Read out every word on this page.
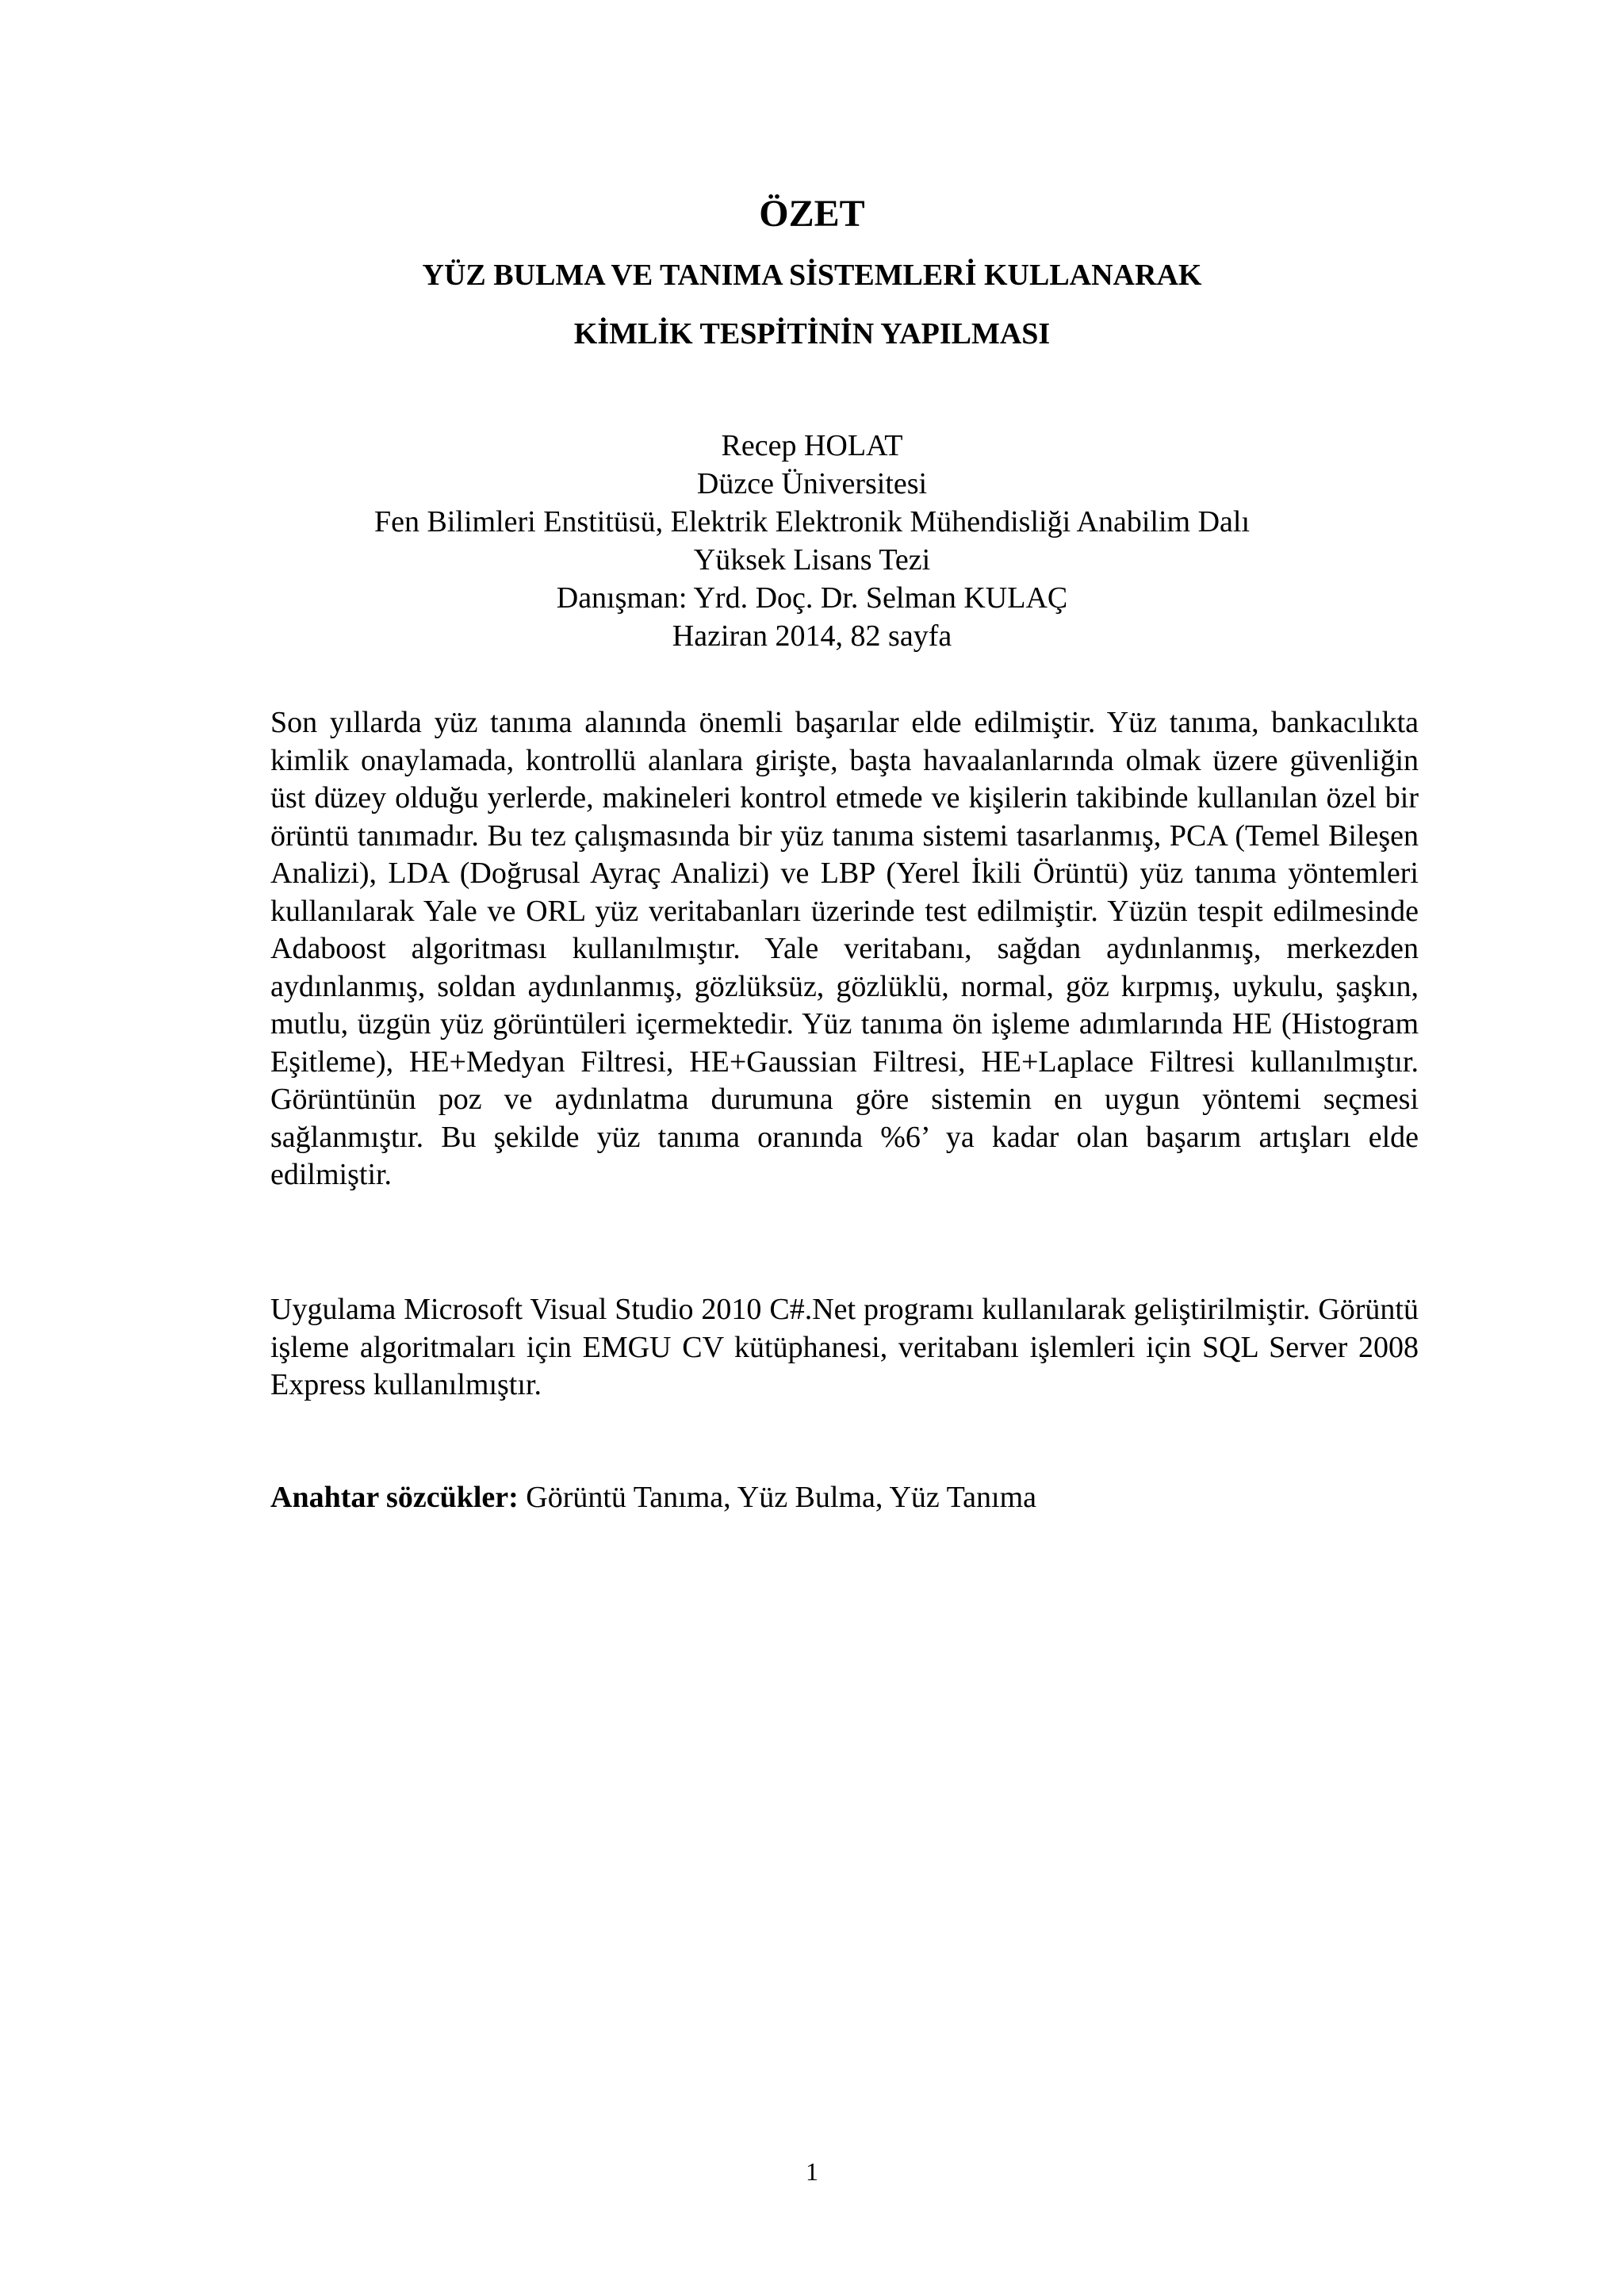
ÖZET
YÜZ BULMA VE TANIMA SİSTEMLERİ KULLANARAK
KİMLİK TESPİTİNİN YAPILMASI
Recep HOLAT
Düzce Üniversitesi
Fen Bilimleri Enstitüsü, Elektrik Elektronik Mühendisliği Anabilim Dalı
Yüksek Lisans Tezi
Danışman: Yrd. Doç. Dr. Selman KULAÇ
Haziran 2014, 82 sayfa

Son yıllarda yüz tanıma alanında önemli başarılar elde edilmiştir. Yüz tanıma, bankacılıkta kimlik onaylamada, kontrollü alanlara girişte, başta havaalanlarında olmak üzere güvenliğin üst düzey olduğu yerlerde, makineleri kontrol etmede ve kişilerin takibinde kullanılan özel bir örüntü tanımadır. Bu tez çalışmasında bir yüz tanıma sistemi tasarlanmış, PCA (Temel Bileşen Analizi), LDA (Doğrusal Ayraç Analizi) ve LBP (Yerel İkili Örüntü) yüz tanıma yöntemleri kullanılarak Yale ve ORL yüz veritabanları üzerinde test edilmiştir. Yüzün tespit edilmesinde Adaboost algoritması kullanılmıştır. Yale veritabanı, sağdan aydınlanmış, merkezden aydınlanmış, soldan aydınlanmış, gözlüksüz, gözlüklü, normal, göz kırpmış, uykulu, şaşkın, mutlu, üzgün yüz görüntüleri içermektedir. Yüz tanıma ön işleme adımlarında HE (Histogram Eşitleme), HE+Medyan Filtresi, HE+Gaussian Filtresi, HE+Laplace Filtresi kullanılmıştır. Görüntünün poz ve aydınlatma durumuna göre sistemin en uygun yöntemi seçmesi sağlanmıştır. Bu şekilde yüz tanıma oranında %6’ ya kadar olan başarım artışları elde edilmiştir.

Uygulama Microsoft Visual Studio 2010 C#.Net programı kullanılarak geliştirilmiştir. Görüntü işleme algoritmaları için EMGU CV kütüphanesi, veritabanı işlemleri için SQL Server 2008 Express kullanılmıştır.

Anahtar sözcükler: Görüntü Tanıma, Yüz Bulma, Yüz Tanıma
1
